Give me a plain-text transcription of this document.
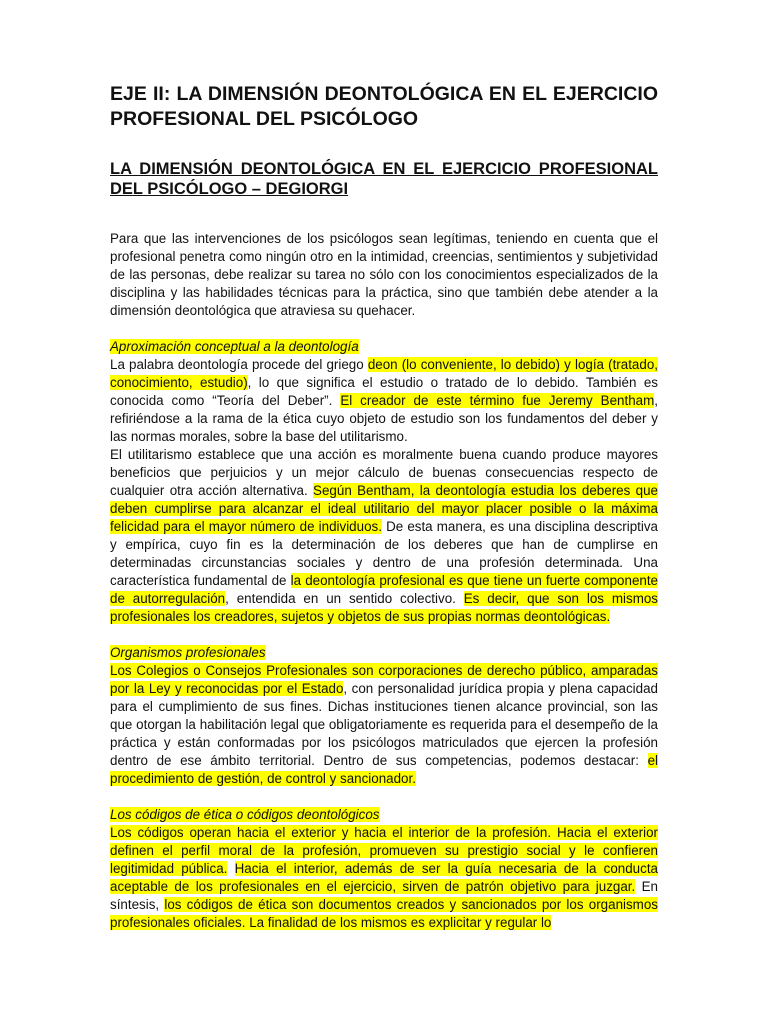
EJE II: LA DIMENSIÓN DEONTOLÓGICA EN EL EJERCICIO PROFESIONAL DEL PSICÓLOGO
LA DIMENSIÓN DEONTOLÓGICA EN EL EJERCICIO PROFESIONAL DEL PSICÓLOGO – DEGIORGI

Para que las intervenciones de los psicólogos sean legítimas, teniendo en cuenta que el profesional penetra como ningún otro en la intimidad, creencias, sentimientos y subjetividad de las personas, debe realizar su tarea no sólo con los conocimientos especializados de la disciplina y las habilidades técnicas para la práctica, sino que también debe atender a la dimensión deontológica que atraviesa su quehacer.

Aproximación conceptual a la deontología

La palabra deontología procede del griego deon (lo conveniente, lo debido) y logía (tratado, conocimiento, estudio), lo que significa el estudio o tratado de lo debido. También es conocida como “Teoría del Deber”. El creador de este término fue Jeremy Bentham, refiriéndose a la rama de la ética cuyo objeto de estudio son los fundamentos del deber y las normas morales, sobre la base del utilitarismo.

El utilitarismo establece que una acción es moralmente buena cuando produce mayores beneficios que perjuicios y un mejor cálculo de buenas consecuencias respecto de cualquier otra acción alternativa. Según Bentham, la deontología estudia los deberes que deben cumplirse para alcanzar el ideal utilitario del mayor placer posible o la máxima felicidad para el mayor número de individuos. De esta manera, es una disciplina descriptiva y empírica, cuyo fin es la determinación de los deberes que han de cumplirse en determinadas circunstancias sociales y dentro de una profesión determinada. Una característica fundamental de la deontología profesional es que tiene un fuerte componente de autorregulación, entendida en un sentido colectivo. Es decir, que son los mismos profesionales los creadores, sujetos y objetos de sus propias normas deontológicas.

Organismos profesionales

Los Colegios o Consejos Profesionales son corporaciones de derecho público, amparadas por la Ley y reconocidas por el Estado, con personalidad jurídica propia y plena capacidad para el cumplimiento de sus fines. Dichas instituciones tienen alcance provincial, son las que otorgan la habilitación legal que obligatoriamente es requerida para el desempeño de la práctica y están conformadas por los psicólogos matriculados que ejercen la profesión dentro de ese ámbito territorial. Dentro de sus competencias, podemos destacar: el procedimiento de gestión, de control y sancionador.

Los códigos de ética o códigos deontológicos

Los códigos operan hacia el exterior y hacia el interior de la profesión. Hacia el exterior definen el perfil moral de la profesión, promueven su prestigio social y le confieren legitimidad pública. Hacia el interior, además de ser la guía necesaria de la conducta aceptable de los profesionales en el ejercicio, sirven de patrón objetivo para juzgar. En síntesis, los códigos de ética son documentos creados y sancionados por los organismos profesionales oficiales. La finalidad de los mismos es explicitar y regular lo
